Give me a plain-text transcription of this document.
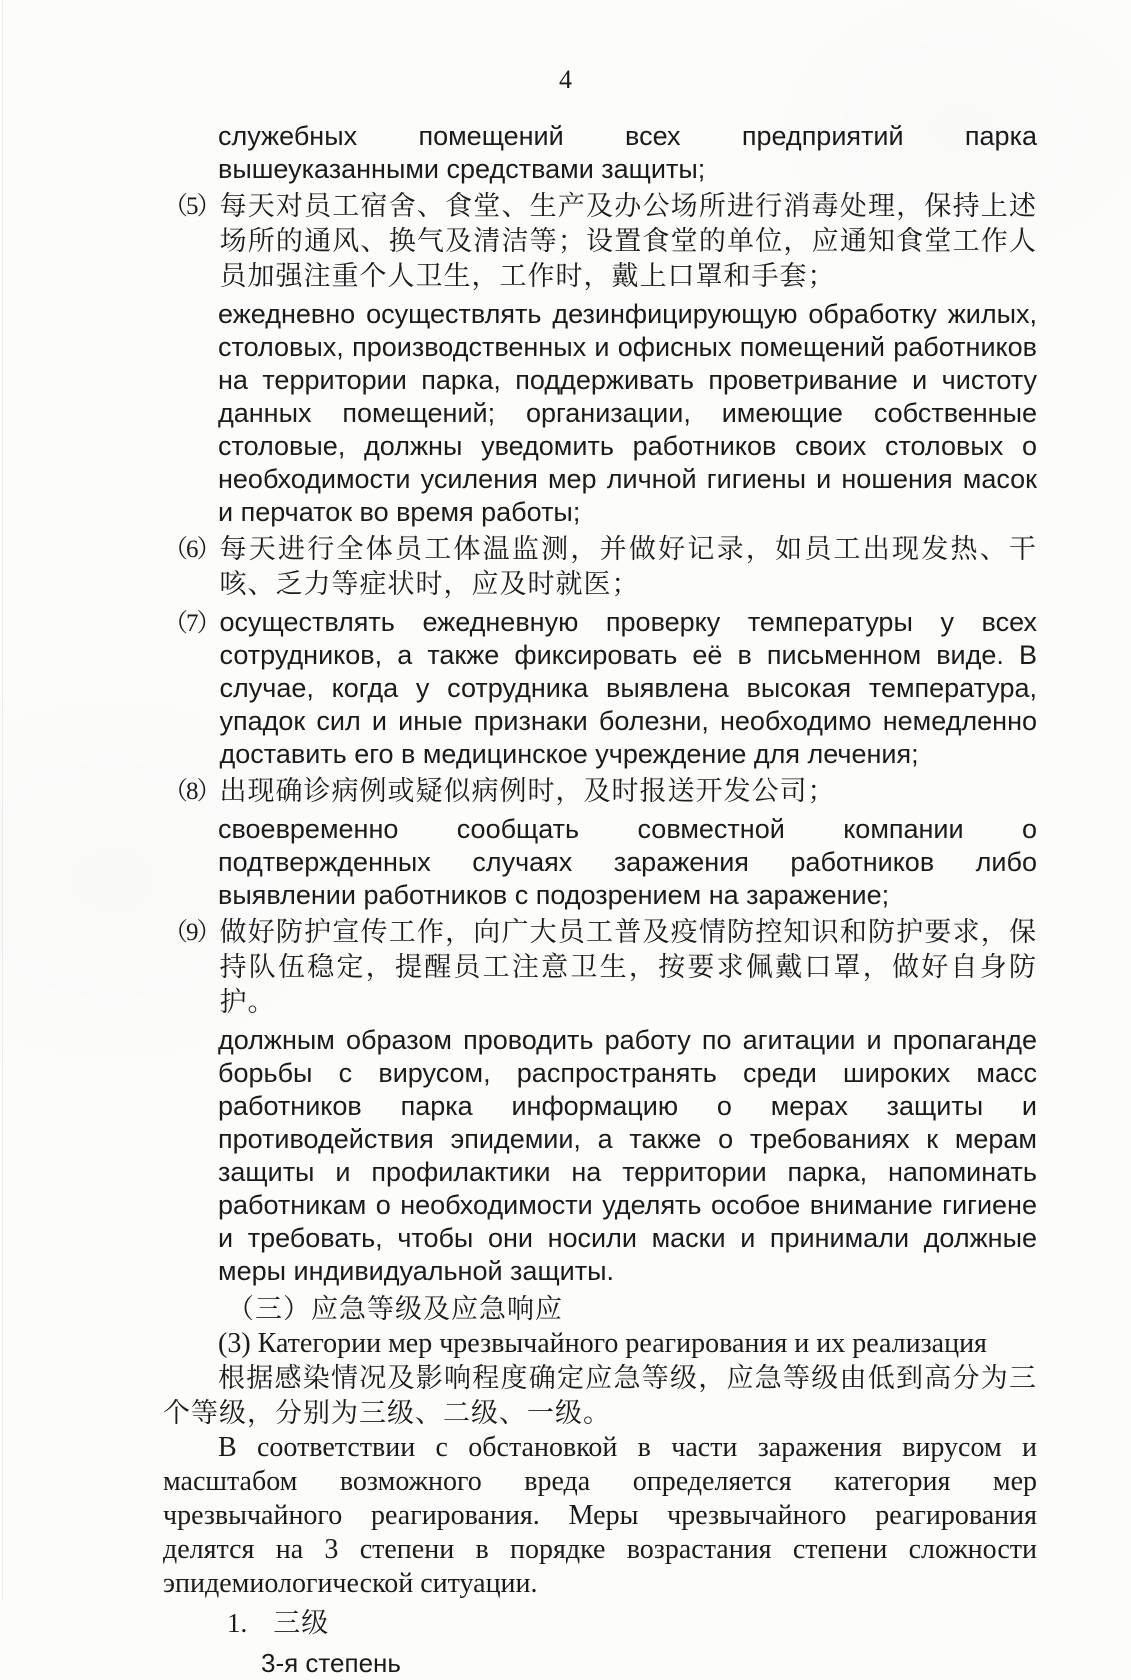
4

служебных помещений всех предприятий парка вышеуказанными средствами защиты;

（5） 每天对员工宿舍、食堂、生产及办公场所进行消毒处理，保持上述场所的通风、换气及清洁等；设置食堂的单位，应通知食堂工作人员加强注重个人卫生，工作时，戴上口罩和手套；

ежедневно осуществлять дезинфицирующую обработку жилых, столовых, производственных и офисных помещений работников на территории парка, поддерживать проветривание и чистоту данных помещений; организации, имеющие собственные столовые, должны уведомить работников своих столовых о необходимости усиления мер личной гигиены и ношения масок и перчаток во время работы;

（6） 每天进行全体员工体温监测，并做好记录，如员工出现发热、干咳、乏力等症状时，应及时就医；
（7） осуществлять ежедневную проверку температуры у всех сотрудников, а также фиксировать её в письменном виде. В случае, когда у сотрудника выявлена высокая температура, упадок сил и иные признаки болезни, необходимо немедленно доставить его в медицинское учреждение для лечения;
（8） 出现确诊病例或疑似病例时，及时报送开发公司；

своевременно сообщать совместной компании о подтвержденных случаях заражения работников либо выявлении работников с подозрением на заражение;

（9） 做好防护宣传工作，向广大员工普及疫情防控知识和防护要求，保持队伍稳定，提醒员工注意卫生，按要求佩戴口罩，做好自身防护。

должным образом проводить работу по агитации и пропаганде борьбы с вирусом, распространять среди широких масс работников парка информацию о мерах защиты и противодействия эпидемии, а также о требованиях к мерам защиты и профилактики на территории парка, напоминать работникам о необходимости уделять особое внимание гигиене и требовать, чтобы они носили маски и принимали должные меры индивидуальной защиты.

（三）应急等级及应急响应

(3) Категории мер чрезвычайного реагирования и их реализация

根据感染情况及影响程度确定应急等级，应急等级由低到高分为三个等级，分别为三级、二级、一级。

В соответствии с обстановкой в части заражения вирусом и масштабом возможного вреда определяется категория мер чрезвычайного реагирования. Меры чрезвычайного реагирования делятся на 3 степени в порядке возрастания степени сложности эпидемиологической ситуации.

1. 三级

3-я степень
